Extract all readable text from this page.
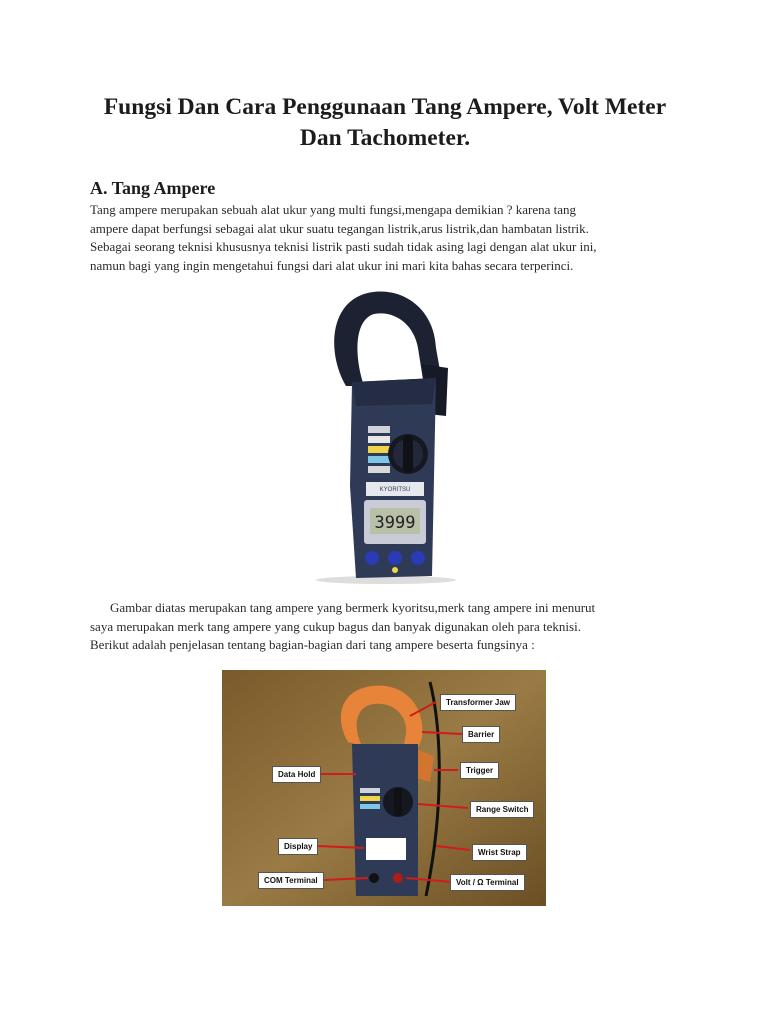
Fungsi Dan Cara Penggunaan Tang Ampere, Volt Meter Dan Tachometer.
A. Tang Ampere
Tang ampere merupakan sebuah alat ukur yang multi fungsi,mengapa demikian ? karena tang
ampere dapat berfungsi sebagai alat ukur suatu tegangan listrik,arus listrik,dan hambatan listrik.
Sebagai seorang teknisi khususnya teknisi listrik pasti sudah tidak asing lagi dengan alat ukur ini,
namun bagi yang ingin mengetahui fungsi dari alat ukur ini mari kita bahas secara terperinci.
KYORITSU
3999
Gambar diatas merupakan tang ampere yang bermerk kyoritsu,merk tang ampere ini menurut
saya merupakan merk tang ampere yang cukup bagus dan banyak digunakan oleh para teknisi.
Berikut adalah penjelasan tentang bagian-bagian dari tang ampere beserta fungsinya :
Transformer Jaw
Barrier
Trigger
Range Switch
Wrist Strap
Volt / Ω Terminal
Data Hold
Display
COM Terminal
